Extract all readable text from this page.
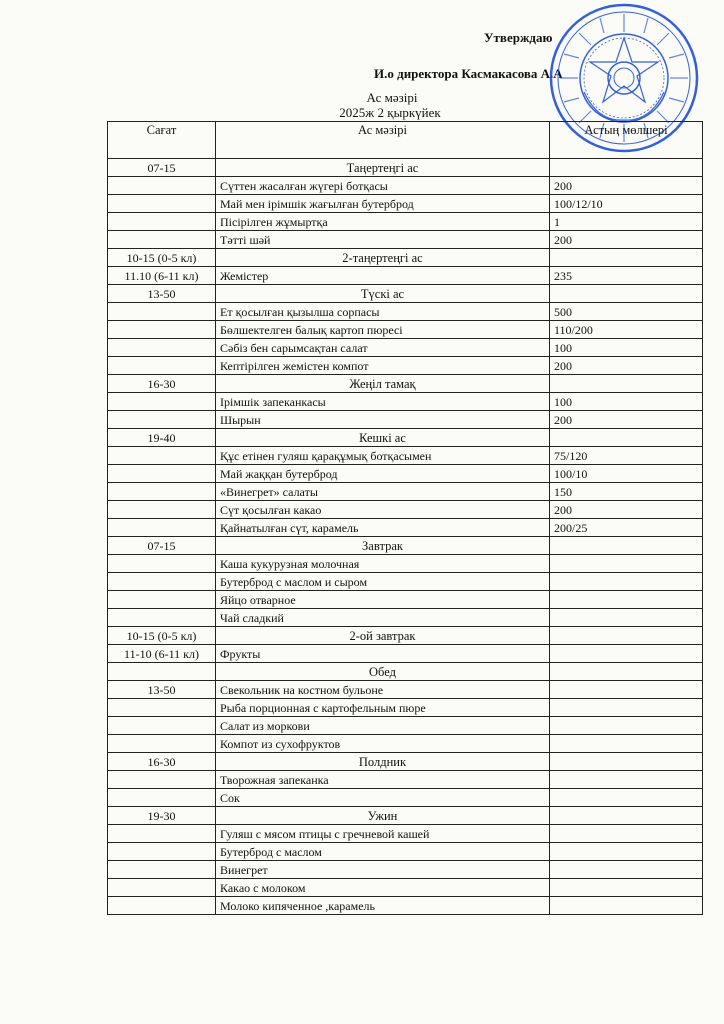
Утверждаю
И.о директора Касмакасова А.А
Ас мәзірі
2025ж 2 қыркүйек
Сағат	Ас мәзірі	Астың мөлшері
07-15	Таңертеңгі ас	
	Сүттен жасалған жүгері ботқасы	200
	Май мен ірімшік жағылған бутерброд	100/12/10
	Пісірілген жұмыртқа	1
	Тәтті шәй	200
10-15 (0-5 кл)	2-таңертеңгі ас	
11.10 (6-11 кл)	Жемістер	235
13-50	Түскі ас	
	Ет қосылған қызылша сорпасы	500
	Бөлшектелген балық картоп пюресі	110/200
	Сәбіз бен сарымсақтан салат	100
	Кептірілген жемістен компот	200
16-30	Жеңіл тамақ	
	Ірімшік запеканкасы	100
	Шырын	200
19-40	Кешкі ас	
	Құс етінен гуляш қарақұмық ботқасымен	75/120
	Май жаққан бутерброд	100/10
	«Винегрет» салаты	150
	Сүт қосылған какао	200
	Қайнатылған сүт, карамель	200/25
07-15	Завтрак	
	Каша кукурузная молочная	
	Бутерброд с маслом и сыром	
	Яйцо отварное	
	Чай сладкий	
10-15 (0-5 кл)	2-ой завтрак	
11-10 (6-11 кл)	Фрукты	
	Обед	
13-50	Свекольник на костном бульоне	
	Рыба порционная с картофельным пюре	
	Салат из моркови	
	Компот из сухофруктов	
16-30	Полдник	
	Творожная запеканка	
	Сок	
19-30	Ужин	
	Гуляш с мясом птицы с гречневой кашей	
	Бутерброд с маслом	
	Винегрет	
	Какао с молоком	
	Молоко кипяченное ,карамель	
